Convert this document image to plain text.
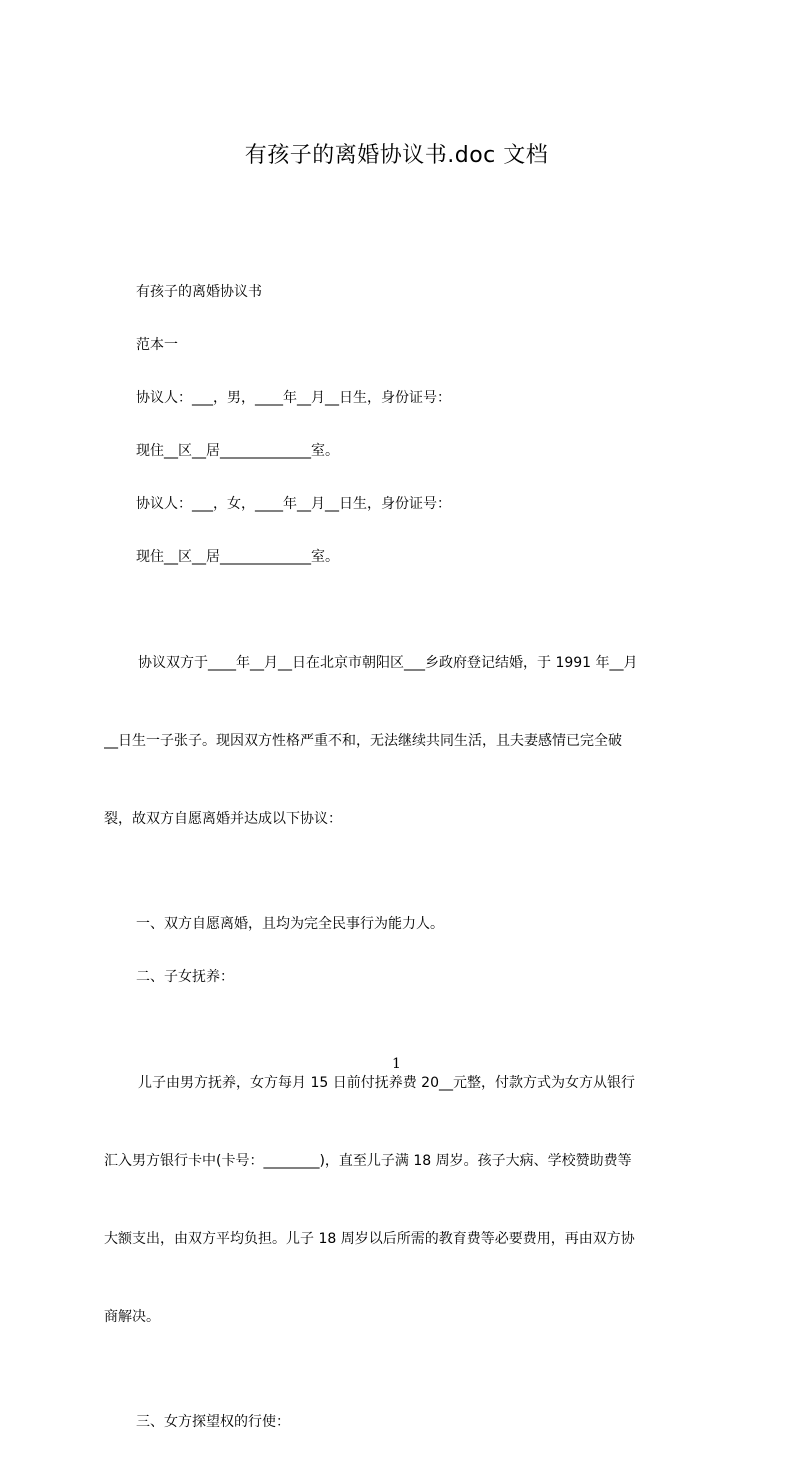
有孩子的离婚协议书.doc 文档

有孩子的离婚协议书

范本一

协议人：___，男，____年__月__日生，身份证号：

现住__区__居_____________室。

协议人：___，女，____年__月__日生，身份证号：

现住__区__居_____________室。

协议双方于____年__月__日在北京市朝阳区___乡政府登记结婚，于 1991 年__月

__日生一子张子。现因双方性格严重不和，无法继续共同生活，且夫妻感情已完全破

裂，故双方自愿离婚并达成以下协议：

一、双方自愿离婚，且均为完全民事行为能力人。

二、子女抚养：

儿子由男方抚养，女方每月 15 日前付抚养费 20__元整，付款方式为女方从银行

汇入男方银行卡中(卡号：________)，直至儿子满 18 周岁。孩子大病、学校赞助费等

大额支出，由双方平均负担。儿子 18 周岁以后所需的教育费等必要费用，再由双方协

商解决。

三、女方探望权的行使：

1
